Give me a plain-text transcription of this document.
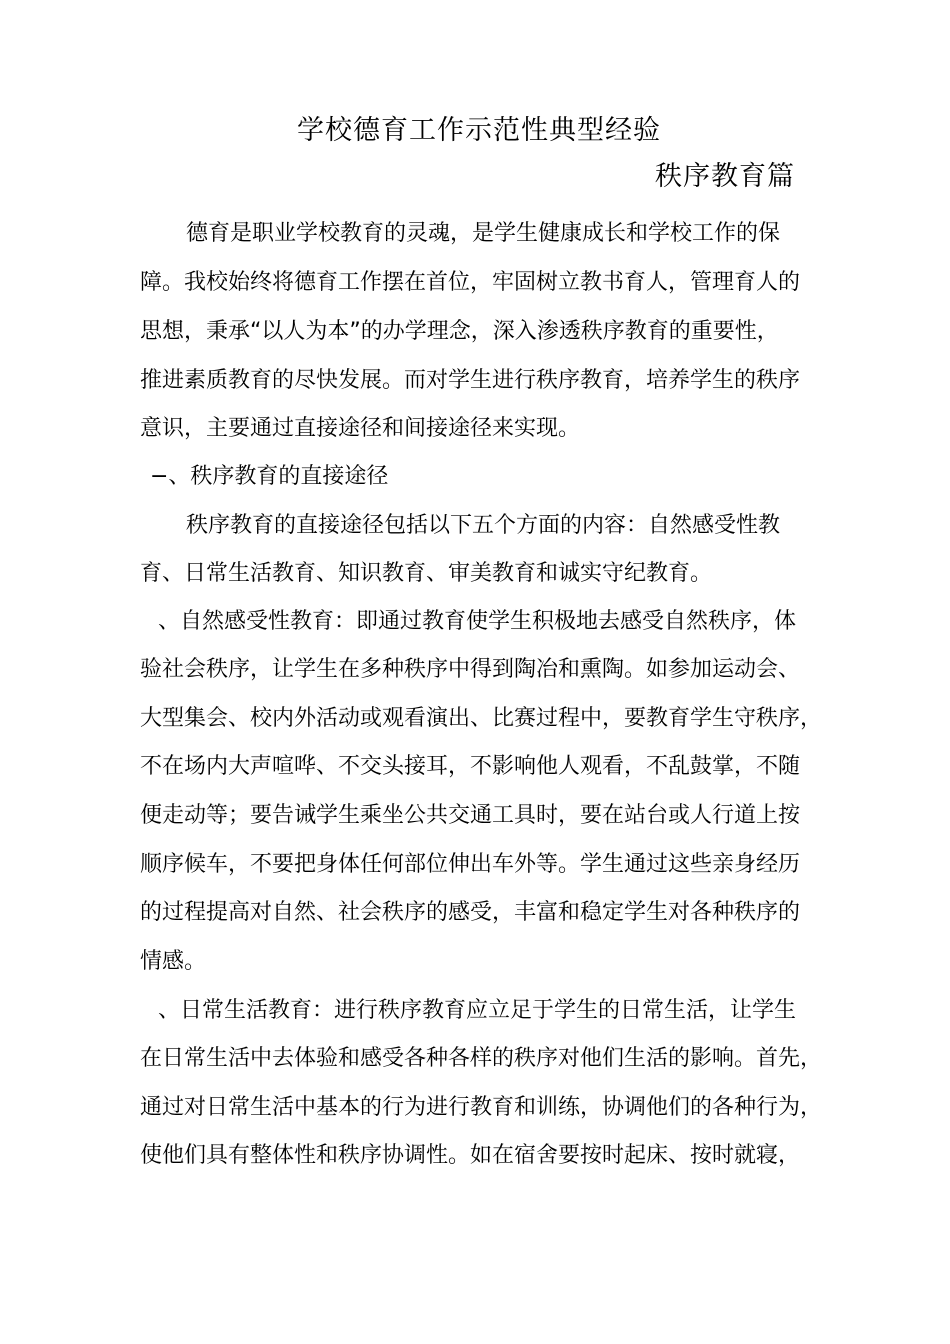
学校德育工作示范性典型经验
秩序教育篇
德育是职业学校教育的灵魂，是学生健康成长和学校工作的保
障。我校始终将德育工作摆在首位，牢固树立教书育人，管理育人的
思想，秉承“以人为本”的办学理念，深入渗透秩序教育的重要性，
推进素质教育的尽快发展。而对学生进行秩序教育，培养学生的秩序
意识，主要通过直接途径和间接途径来实现。
−、秩序教育的直接途径
秩序教育的直接途径包括以下五个方面的内容：自然感受性教
育、日常生活教育、知识教育、审美教育和诚实守纪教育。
、自然感受性教育：即通过教育使学生积极地去感受自然秩序，体
验社会秩序，让学生在多种秩序中得到陶冶和熏陶。如参加运动会、
大型集会、校内外活动或观看演出、比赛过程中，要教育学生守秩序，
不在场内大声喧哗、不交头接耳，不影响他人观看，不乱鼓掌，不随
便走动等；要告诫学生乘坐公共交通工具时，要在站台或人行道上按
顺序候车，不要把身体任何部位伸出车外等。学生通过这些亲身经历
的过程提高对自然、社会秩序的感受，丰富和稳定学生对各种秩序的
情感。
、日常生活教育：进行秩序教育应立足于学生的日常生活，让学生
在日常生活中去体验和感受各种各样的秩序对他们生活的影响。首先，
通过对日常生活中基本的行为进行教育和训练，协调他们的各种行为，
使他们具有整体性和秩序协调性。如在宿舍要按时起床、按时就寝，
